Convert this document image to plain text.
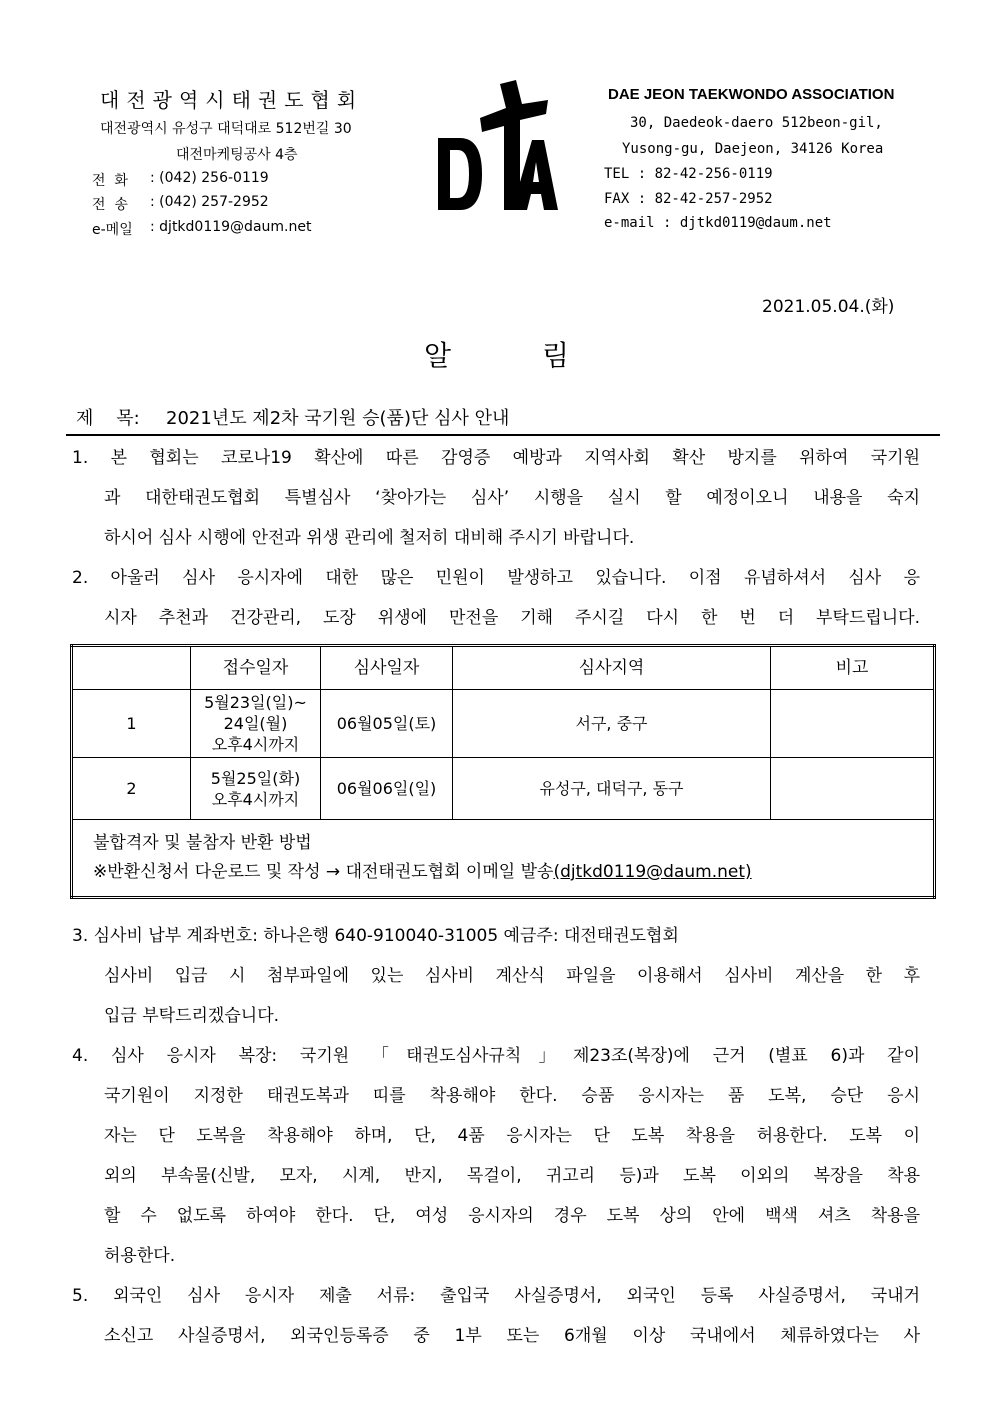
대전광역시태권도협회
대전광역시 유성구 대덕대로 512번길 30
대전마케팅공사 4층
전  화 : (042) 256-0119
전  송 : (042) 257-2952
e-메일 : djtkd0119@daum.net
DTA
DAE JEON TAEKWONDO ASSOCIATION
30, Daedeok-daero 512beon-gil,
Yusong-gu, Daejeon, 34126 Korea
TEL : 82-42-256-0119
FAX : 82-42-257-2952
e-mail : djtkd0119@daum.net
2021.05.04.(화)
알	림
제    목: 2021년도 제2차 국기원 승(품)단 심사 안내
1. 본 협회는 코로나19 확산에 따른 감영증 예방과 지역사회 확산 방지를 위하여 국기원
과 대한태권도협회 특별심사 ‘찾아가는 심사’ 시행을 실시 할 예정이오니 내용을 숙지
하시어 심사 시행에 안전과 위생 관리에 철저히 대비해 주시기 바랍니다.
2. 아울러 심사 응시자에 대한 많은 민원이 발생하고 있습니다. 이점 유념하셔서 심사 응
시자 추천과 건강관리, 도장 위생에 만전을 기해 주시길 다시 한 번 더 부탁드립니다.
	접수일자	심사일자	심사지역	비고
1	5월23일(일)~
24일(월)
오후4시까지	06월05일(토)	서구, 중구	
2	5월25일(화)
오후4시까지	06월06일(일)	유성구, 대덕구, 동구	

불합격자 및 불참자 반환 방법
※반환신청서 다운로드 및 작성 → 대전태권도협회 이메일 발송(djtkd0119@daum.net)				
3. 심사비 납부 계좌번호: 하나은행 640-910040-31005 예금주: 대전태권도협회
심사비 입금 시 첨부파일에 있는 심사비 계산식 파일을 이용해서 심사비 계산을 한 후
입금 부탁드리겠습니다.
4. 심사 응시자 복장: 국기원 「태권도심사규칙」제23조(복장)에 근거 (별표 6)과 같이
국기원이 지정한 태권도복과 띠를 착용해야 한다. 승품 응시자는 품 도복, 승단 응시
자는 단 도복을 착용해야 하며, 단, 4품 응시자는 단 도복 착용을 허용한다. 도복 이
외의 부속물(신발, 모자, 시계, 반지, 목걸이, 귀고리 등)과 도복 이외의 복장을 착용
할 수 없도록 하여야 한다. 단, 여성 응시자의 경우 도복 상의 안에 백색 셔츠 착용을
허용한다.
5. 외국인 심사 응시자 제출 서류: 출입국 사실증명서, 외국인 등록 사실증명서, 국내거
소신고 사실증명서, 외국인등록증 중 1부 또는 6개월 이상 국내에서 체류하였다는 사
